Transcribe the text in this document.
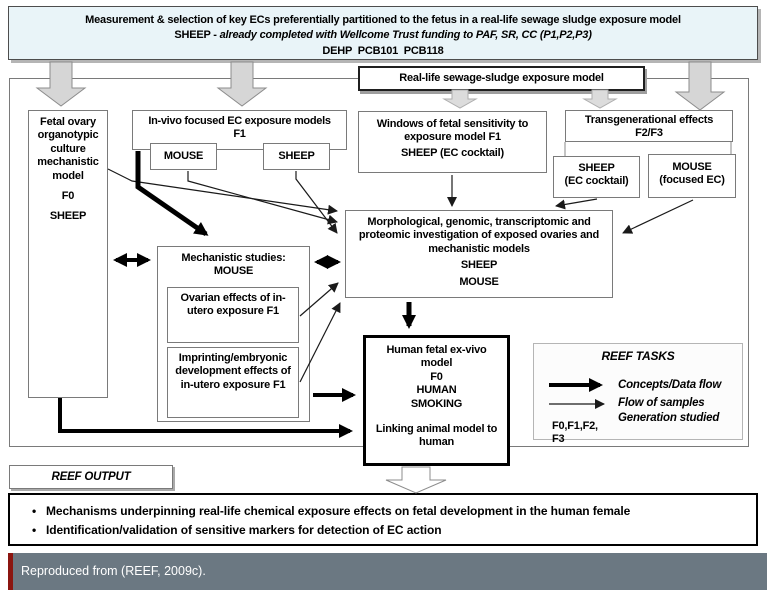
Measurement & selection of key ECs preferentially partitioned to the fetus in a real-life sewage sludge exposure model
SHEEP - already completed with Wellcome Trust funding to PAF, SR, CC (P1,P2,P3)
DEHP  PCB101  PCB118
Real-life sewage-sludge exposure model
Fetal ovary organotypic culture mechanistic model
F0
SHEEP
In-vivo focused EC exposure models
F1
MOUSE	SHEEP
Windows of fetal sensitivity to exposure model F1
SHEEP (EC cocktail)
Transgenerational effects
F2/F3
SHEEP
(EC cocktail)
MOUSE
(focused EC)
Morphological, genomic, transcriptomic and proteomic investigation of exposed ovaries and mechanistic models
SHEEP
MOUSE
Mechanistic studies:
MOUSE
Ovarian effects of in-utero exposure F1
Imprinting/embryonic development effects of in-utero exposure F1
Human fetal ex-vivo model
F0
HUMAN
SMOKING
Linking animal model to human
REEF TASKS
Concepts/Data flow
Flow of samples
Generation studied
F0,F1,F2,
F3
REEF OUTPUT
• Mechanisms underpinning real-life chemical exposure effects on fetal development in the human female
• Identification/validation of sensitive markers for detection of EC action
Reproduced from (REEF, 2009c).
